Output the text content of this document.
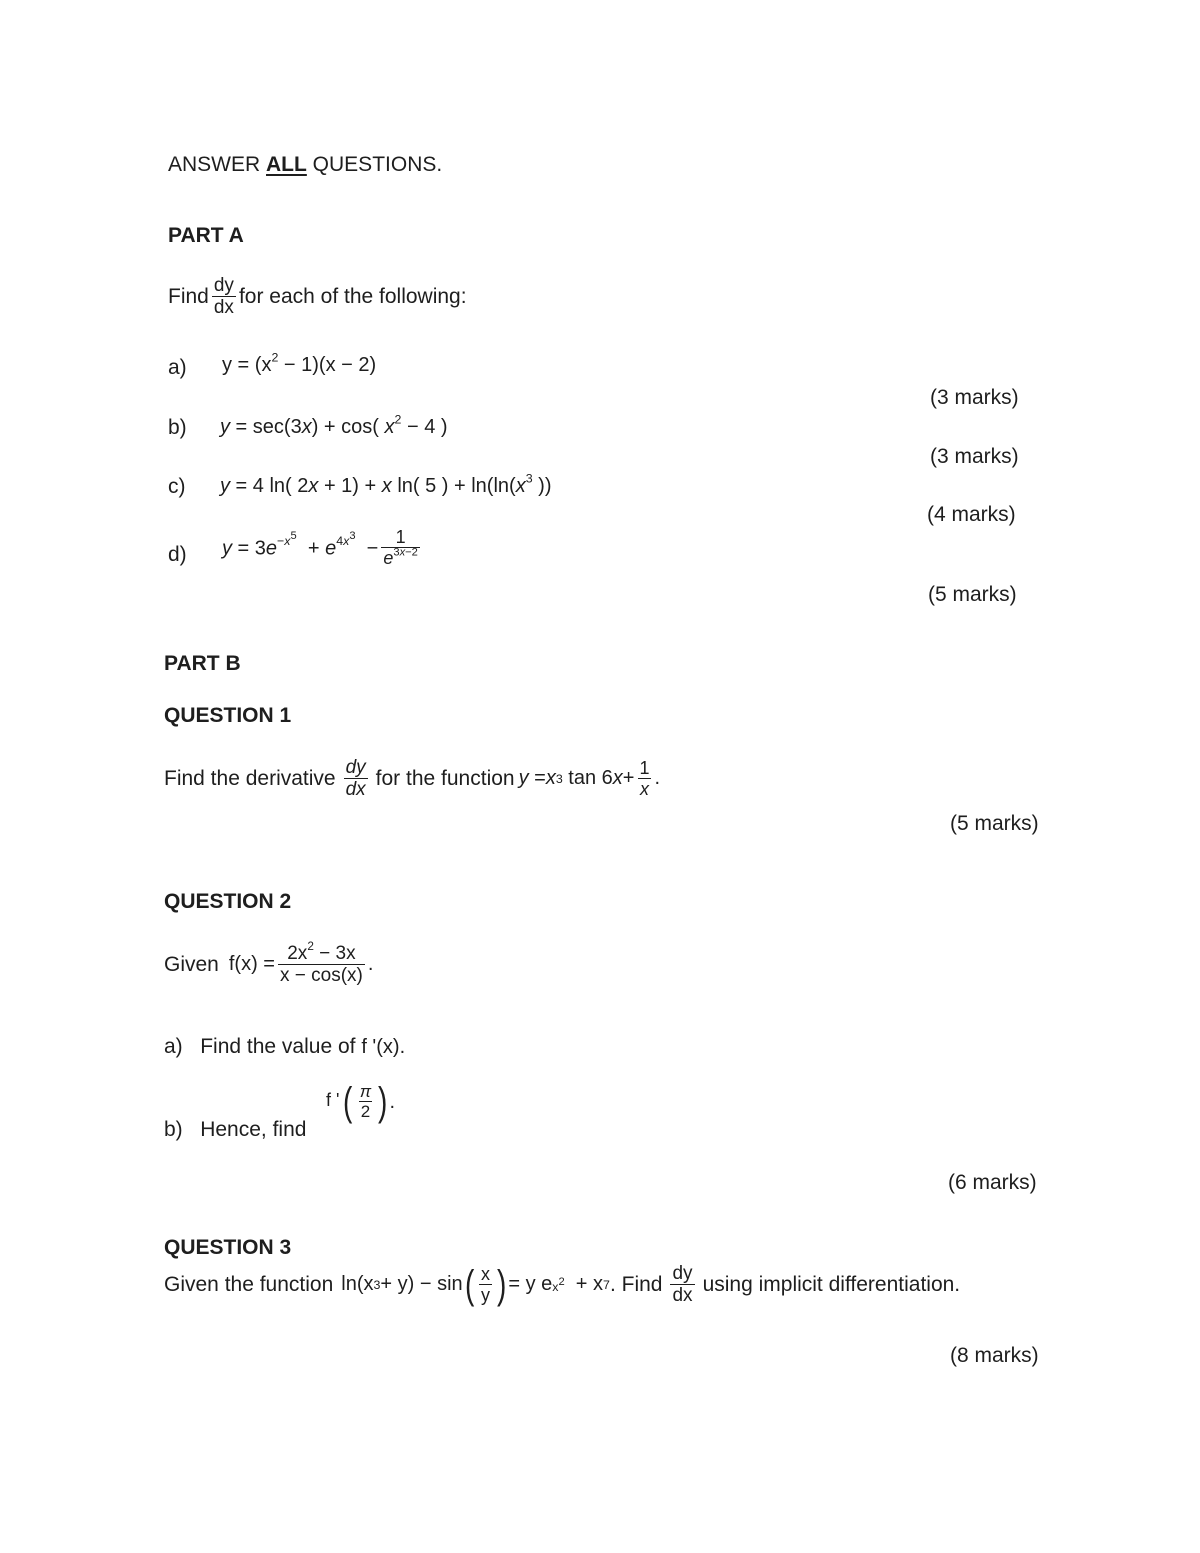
ANSWER ALL QUESTIONS.
PART A
Find $\frac{dy}{dx}$ for each of the following:
a) $y = (x^2 - 1)(x - 2)$
(3 marks)
b) y = sec(3x) + cos( $x^2 - 4$ )
(3 marks)
c) y = 4 ln( 2x + 1) + x ln( 5 ) + $\ln(\ln(x^3$ ))
(4 marks)
d) $y = 3e^{-x^5} + e^{4x^3} - \frac{1}{e^{3x-2}}$
(5 marks)
PART B
QUESTION 1
Find the derivative $\frac{dy}{dx}$ for the function y = x 3 tan 6 $x + \frac{1}{x}$ .
(5 marks)
QUESTION 2
Given $f(x) = \frac{2x^2 - 3x}{x - \cos(x)}$ .
a) Find the value of f '(x).
b) Hence, find
f ' ( $\frac{\pi}{2}$ ) .
(6 marks)
QUESTION 3
Given the function ln(x 3 + y) − sin ( $\frac{x}{y}$ ) = y e $x^2 + x$ 7 . Find $\frac{dy}{dx}$ using implicit differentiation.
(8 marks)
